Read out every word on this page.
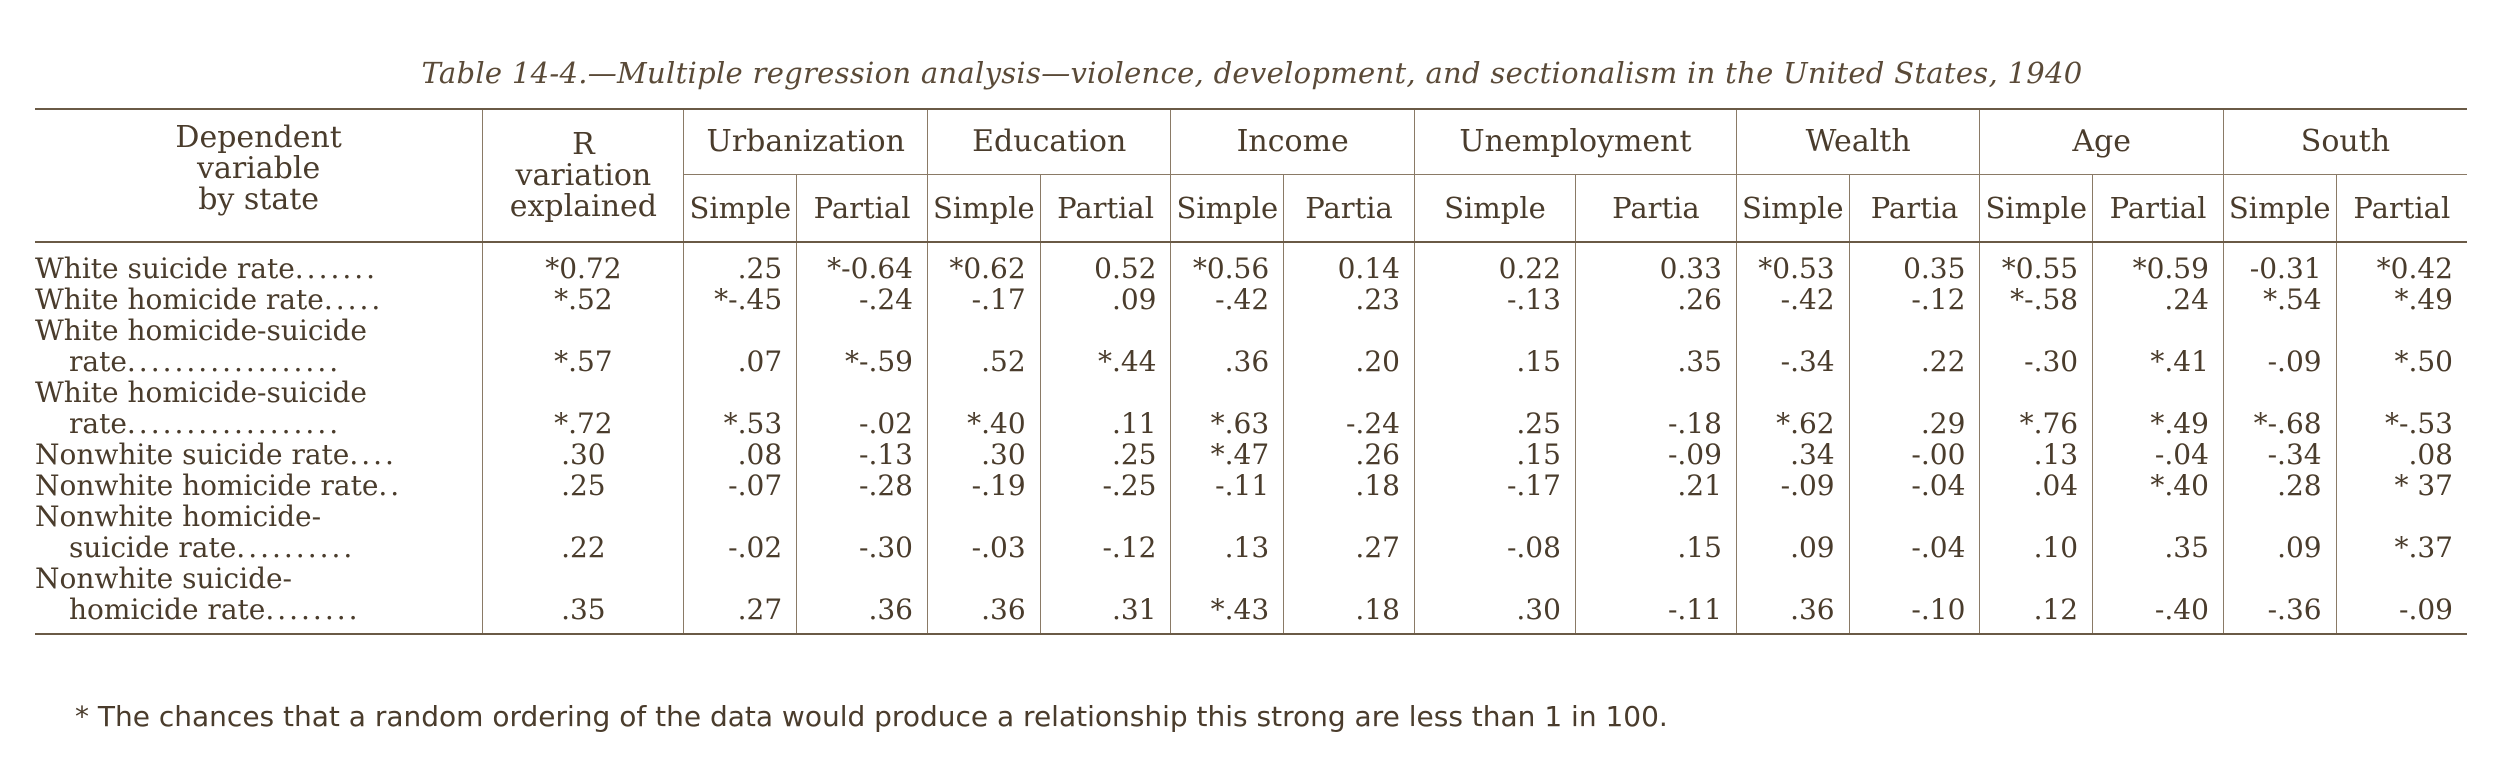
Table 14-4.—Multiple regression analysis—violence, development, and sectionalism in the United States, 1940
Dependent
variable
by state	R
variation
explained	Urbanization		Education		Income		Unemployment		Wealth		Age		South	
		Simple	Partial	Simple	Partial	Simple	Partia	Simple	Partia	Simple	Partia	Simple	Partial	Simple	Partial

White suicide rate.......	*0.72	.25	*-0.64	*0.62	0.52	*0.56	0.14	0.22	0.33	*0.53	0.35	*0.55	*0.59	-0.31	*0.42

White homicide rate.....	*.52	*-.45	-.24	-.17	.09	-.42	.23	-.13	.26	-.42	-.12	*-.58	.24	*.54	*.49

White homicide-suicide
rate..................	*.57	.07	*-.59	.52	*.44	.36	.20	.15	.35	-.34	.22	-.30	*.41	-.09	*.50

White homicide-suicide
rate..................	*.72	*.53	-.02	*.40	.11	*.63	-.24	.25	-.18	*.62	.29	*.76	*.49	*-.68	*-.53

Nonwhite suicide rate....	.30	.08	-.13	.30	.25	*.47	.26	.15	-.09	.34	-.00	.13	-.04	-.34	.08

Nonwhite homicide rate..	.25	-.07	-.28	-.19	-.25	-.11	.18	-.17	.21	-.09	-.04	.04	*.40	.28	* 37

Nonwhite homicide-
suicide rate..........	.22	-.02	-.30	-.03	-.12	.13	.27	-.08	.15	.09	-.04	.10	.35	.09	*.37

Nonwhite suicide-
homicide rate........	.35	.27	.36	.36	.31	*.43	.18	.30	-.11	.36	-.10	.12	-.40	-.36	-.09
* The chances that a random ordering of the data would produce a relationship this strong are less than 1 in 100.
